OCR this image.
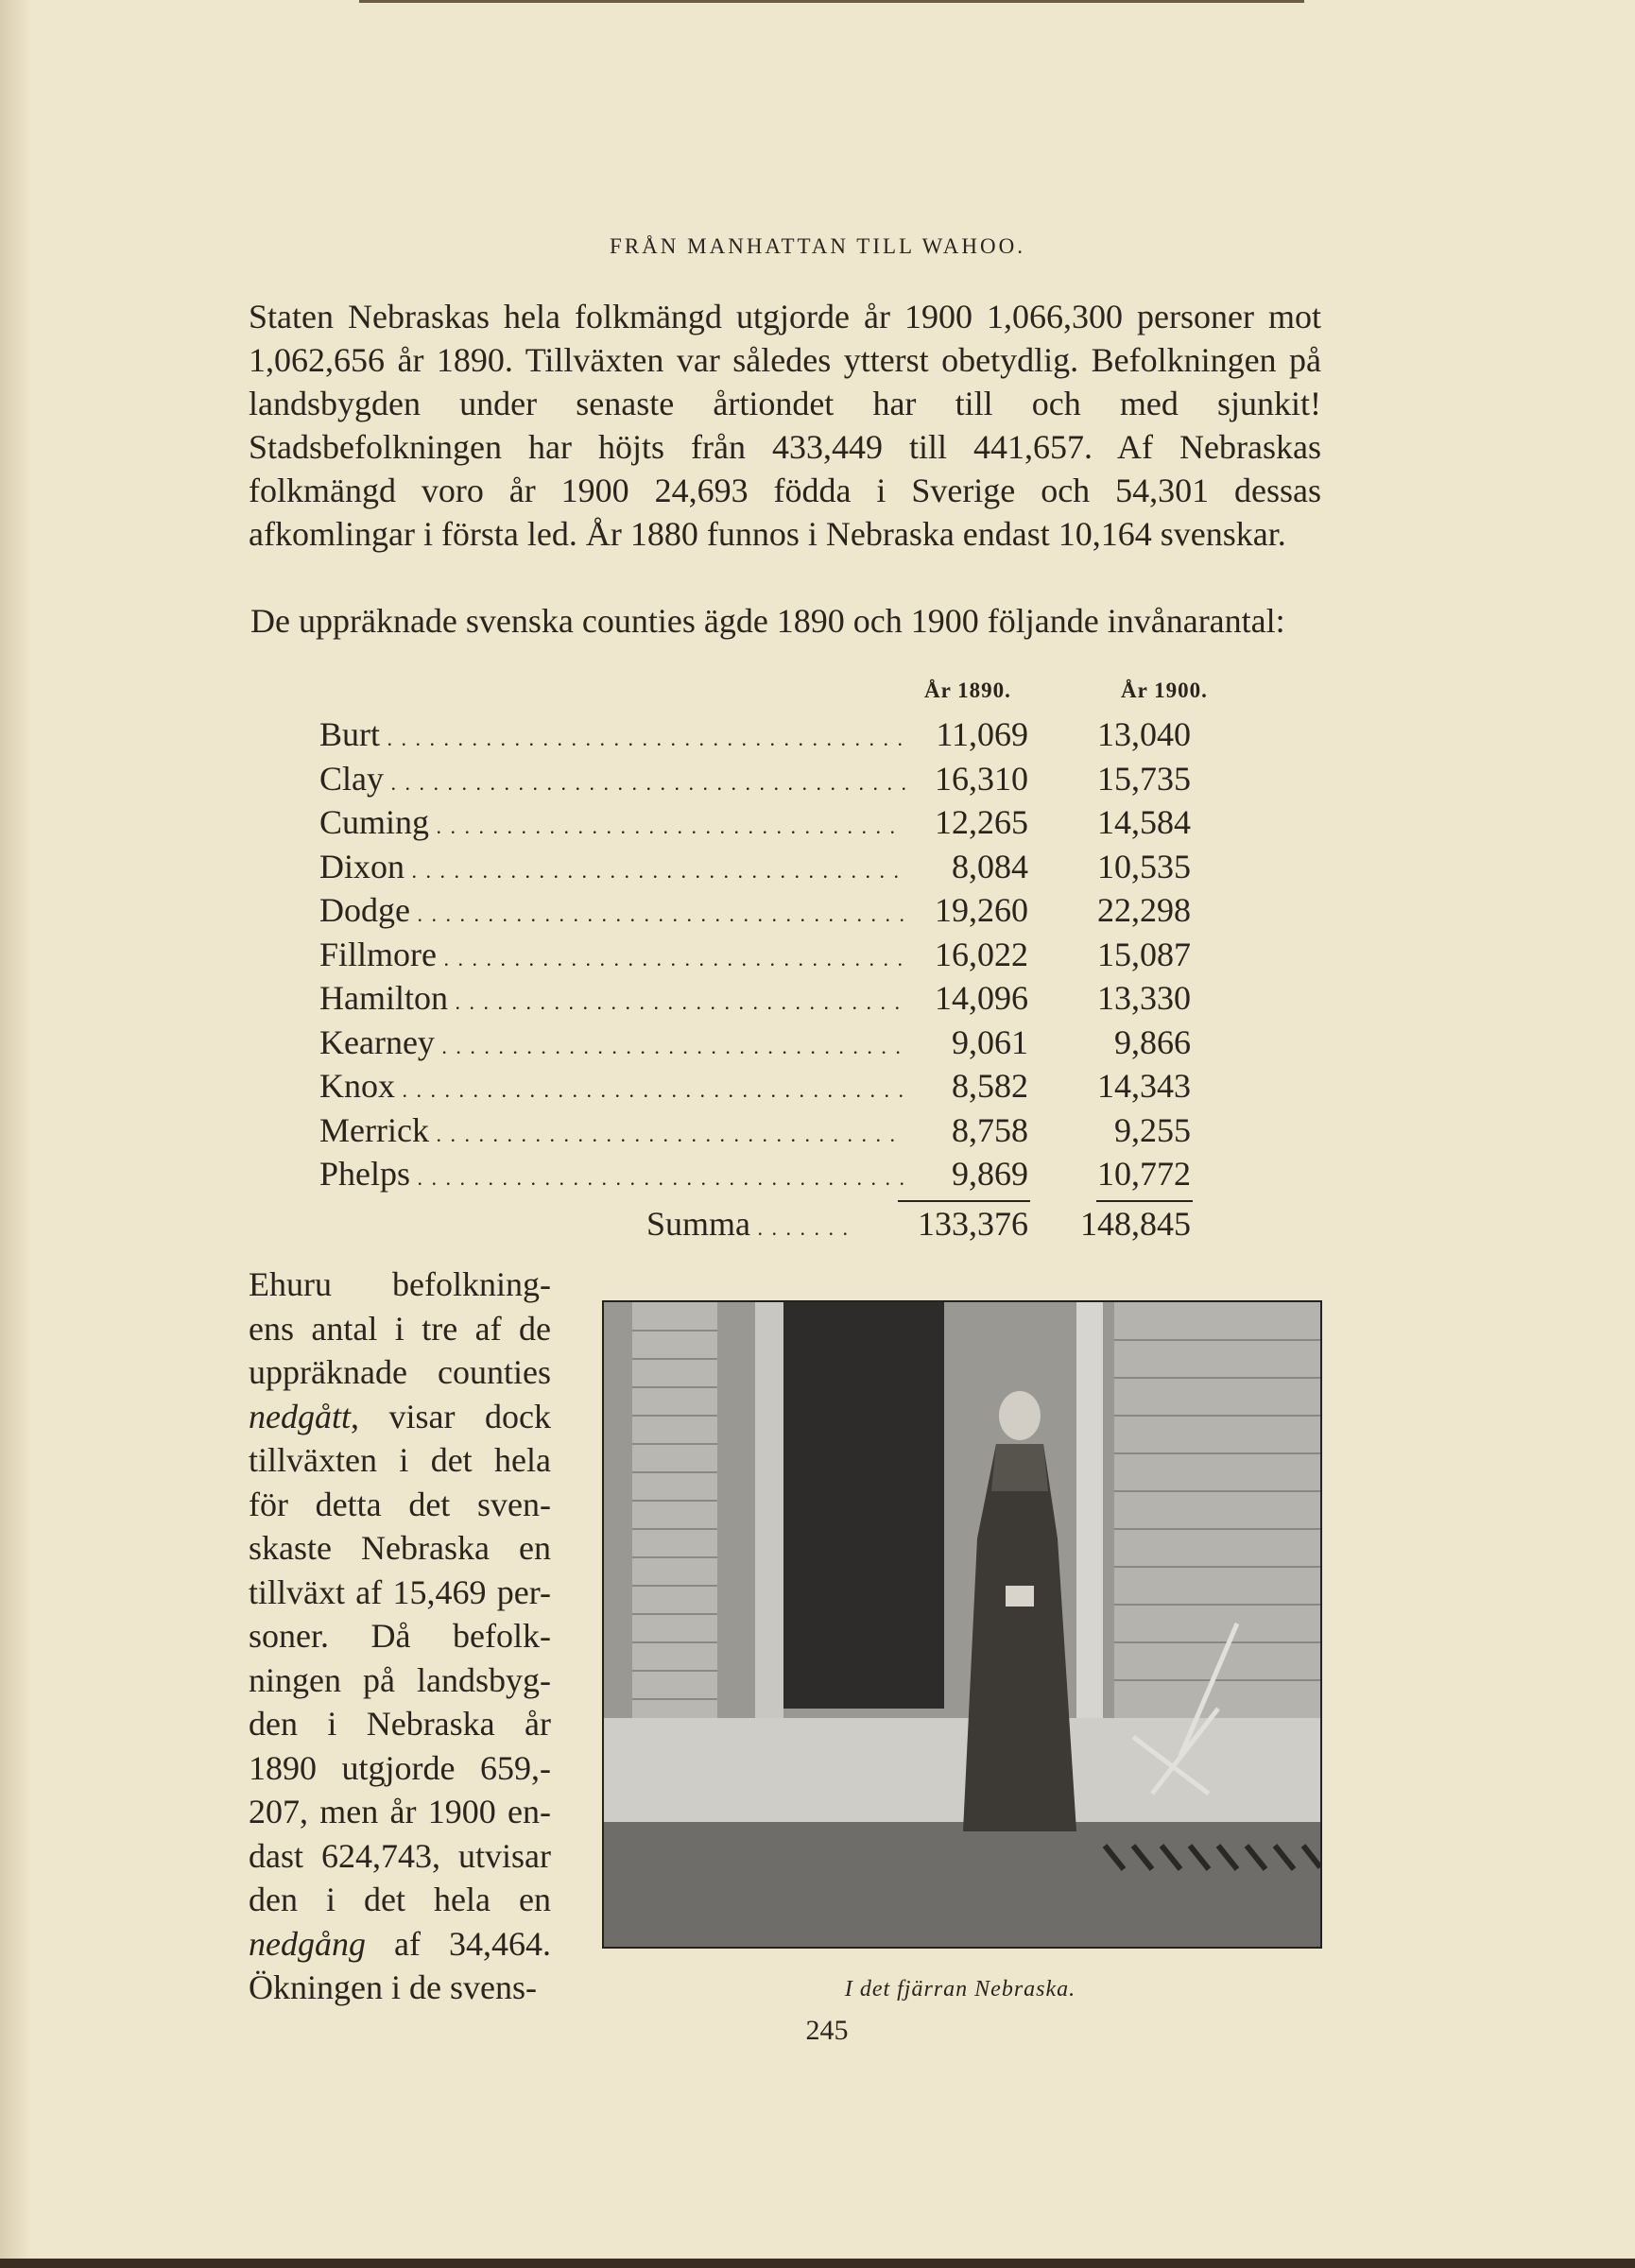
FRÅN MANHATTAN TILL WAHOO.

Staten Nebraskas hela folkmängd utgjorde år 1900 1,066,300 personer mot 1,062,656 år 1890. Tillväxten var således ytterst obetydlig. Befolkningen på landsbygden under senaste årtiondet har till och med sjunkit! Stadsbefolkningen har höjts från 433,449 till 441,657. Af Nebraskas folkmängd voro år 1900 24,693 födda i Sverige och 54,301 dessas afkomlingar i första led. År 1880 funnos i Nebraska endast 10,164 svenskar.

De uppräknade svenska counties ägde 1890 och 1900 följande invånarantal:

År 1890.	År 1900.
Burt . . .	11,069	13,040
Clay . . .	16,310	15,735
Cuming . . .	12,265	14,584
Dixon . . .	8,084	10,535
Dodge . . .	19,260	22,298
Fillmore . . .	16,022	15,087
Hamilton . . .	14,096	13,330
Kearney . . .	9,061	9,866
Knox . . .	8,582	14,343
Merrick . . .	8,758	9,255
Phelps . . .	9,869	10,772
Summa . . .	133,376	148,845
Ehuru befolkning-
ens antal i tre af de
uppräknade counties
nedgått, visar dock
tillväxten i det hela
för detta det sven-
skaste Nebraska en
tillväxt af 15,469 per-
soner. Då befolk-
ningen på landsbyg-
den i Nebraska år
1890 utgjorde 659,-
207, men år 1900 en-
dast 624,743, utvisar
den i det hela en
nedgång af 34,464.
Ökningen i de svens-	I det fjärran Nebraska.
245
